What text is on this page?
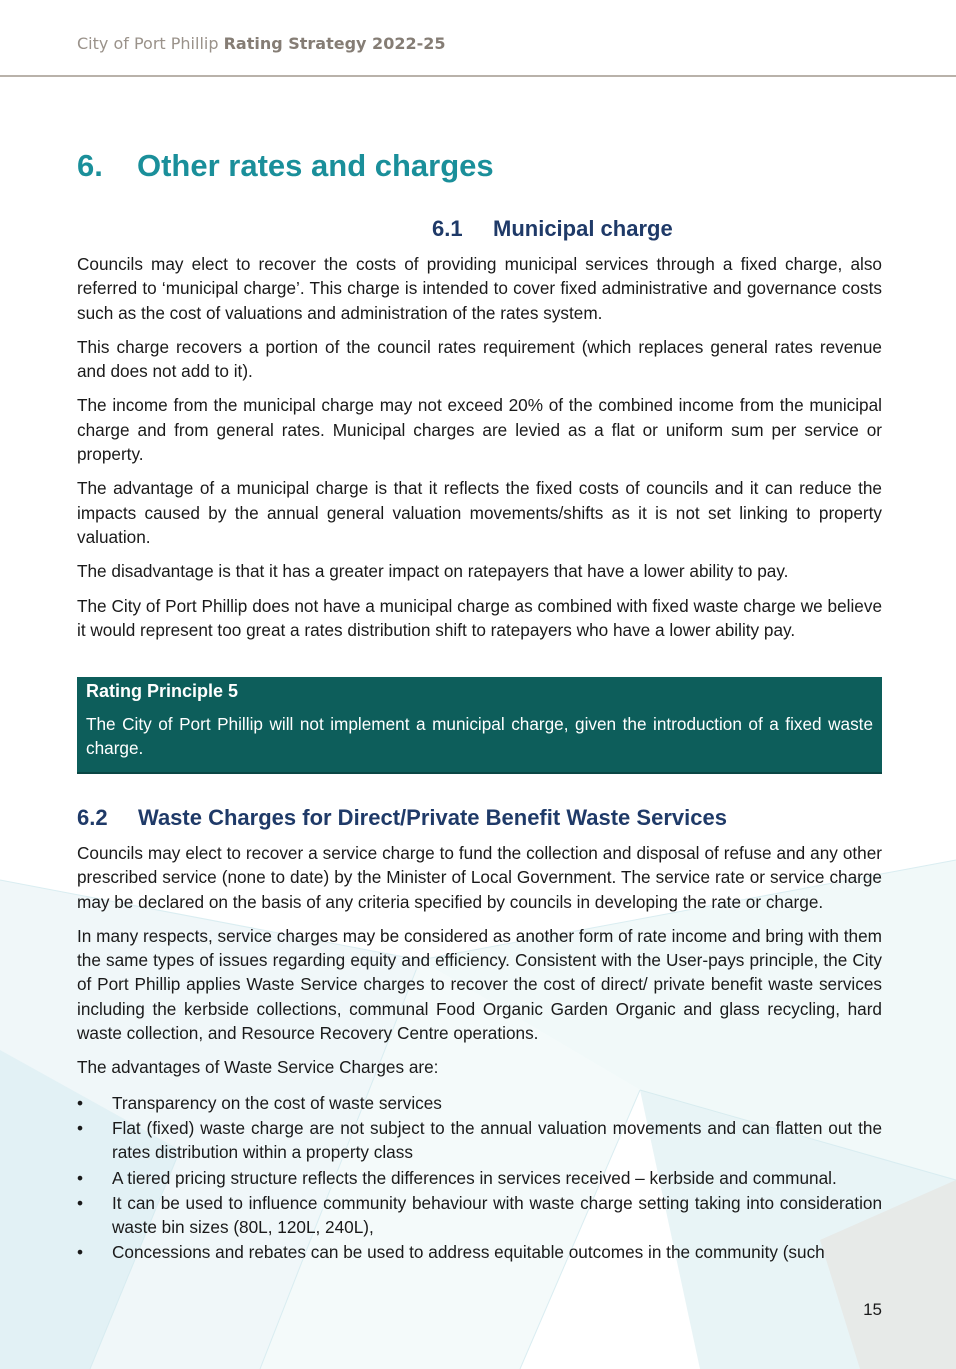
City of Port Phillip Rating Strategy 2022-25
6. Other rates and charges
6.1 Municipal charge

Councils may elect to recover the costs of providing municipal services through a fixed charge, also referred to ‘municipal charge’. This charge is intended to cover fixed administrative and governance costs such as the cost of valuations and administration of the rates system.

This charge recovers a portion of the council rates requirement (which replaces general rates revenue and does not add to it).

The income from the municipal charge may not exceed 20% of the combined income from the municipal charge and from general rates. Municipal charges are levied as a flat or uniform sum per service or property.

The advantage of a municipal charge is that it reflects the fixed costs of councils and it can reduce the impacts caused by the annual general valuation movements/shifts as it is not set linking to property valuation.

The disadvantage is that it has a greater impact on ratepayers that have a lower ability to pay.

The City of Port Phillip does not have a municipal charge as combined with fixed waste charge we believe it would represent too great a rates distribution shift to ratepayers who have a lower ability pay.

Rating Principle 5
The City of Port Phillip will not implement a municipal charge, given the introduction of a fixed waste charge.
6.2 Waste Charges for Direct/Private Benefit Waste Services

Councils may elect to recover a service charge to fund the collection and disposal of refuse and any other prescribed service (none to date) by the Minister of Local Government. The service rate or service charge may be declared on the basis of any criteria specified by councils in developing the rate or charge.

In many respects, service charges may be considered as another form of rate income and bring with them the same types of issues regarding equity and efficiency. Consistent with the User-pays principle, the City of Port Phillip applies Waste Service charges to recover the cost of direct/ private benefit waste services including the kerbside collections, communal Food Organic Garden Organic and glass recycling, hard waste collection, and Resource Recovery Centre operations.

The advantages of Waste Service Charges are:

• Transparency on the cost of waste services
• Flat (fixed) waste charge are not subject to the annual valuation movements and can flatten out the rates distribution within a property class
• A tiered pricing structure reflects the differences in services received – kerbside and communal.
• It can be used to influence community behaviour with waste charge setting taking into consideration waste bin sizes (80L, 120L, 240L),
• Concessions and rebates can be used to address equitable outcomes in the community (such
15
